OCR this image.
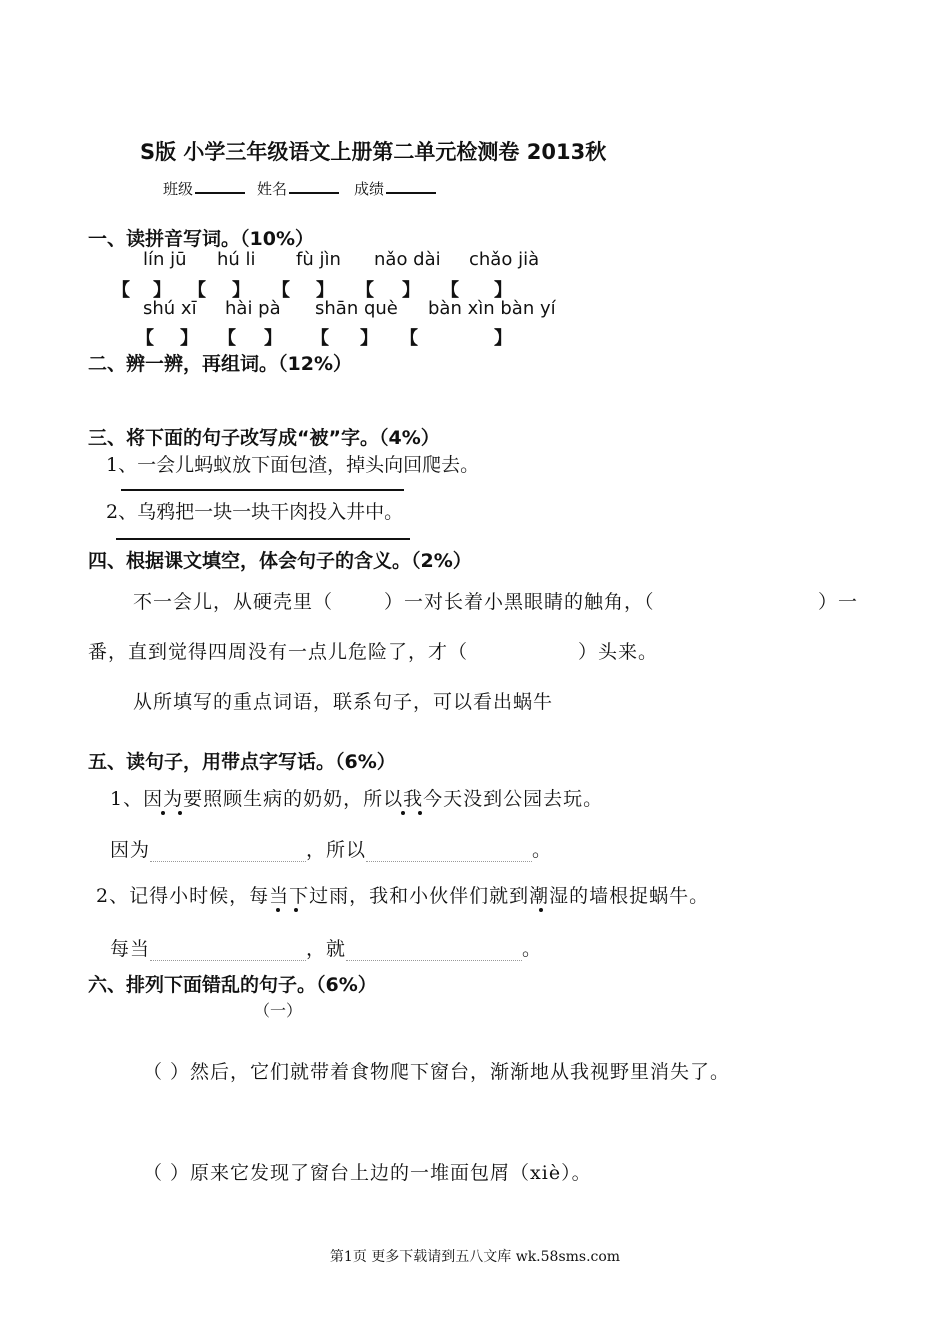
S版 小学三年级语文上册第二单元检测卷 2013秋
班级	姓名	成绩
一、读拼音写词。（10%）
lín jū hú li fù jìn nǎo dài chǎo jià
【 】 【 】 【 】 【 】 【 】
shú xī hài pà shān què bàn xìn bàn yí
【 】 【 】 【 】 【	】
二、辨一辨，再组词。（12%）
三、将下面的句子改写成“被”字。（4%）
1、一会儿蚂蚁放下面包渣，掉头向回爬去。
2、乌鸦把一块一块干肉投入井中。
四、根据课文填空，体会句子的含义。（2%）
不一会儿，从硬壳里（	）一对长着小黑眼睛的触角，（	）一
番，直到觉得四周没有一点儿危险了，才（	）头来。
从所填写的重点词语，联系句子，可以看出蜗牛
五、读句子，用带点字写话。（6%）
1、因为要照顾生病的奶奶，所以我今天没到公园去玩。
因为	，所以	。
2、记得小时候，每当下过雨，我和小伙伴们就到潮湿的墙根捉蜗牛。
每当	，就	。
六、排列下面错乱的句子。（6%）
（一）
（ ）然后，它们就带着食物爬下窗台，渐渐地从我视野里消失了。
（ ）原来它发现了窗台上边的一堆面包屑（xiè）。
第1页 更多下载请到五八文库 wk.58sms.com
